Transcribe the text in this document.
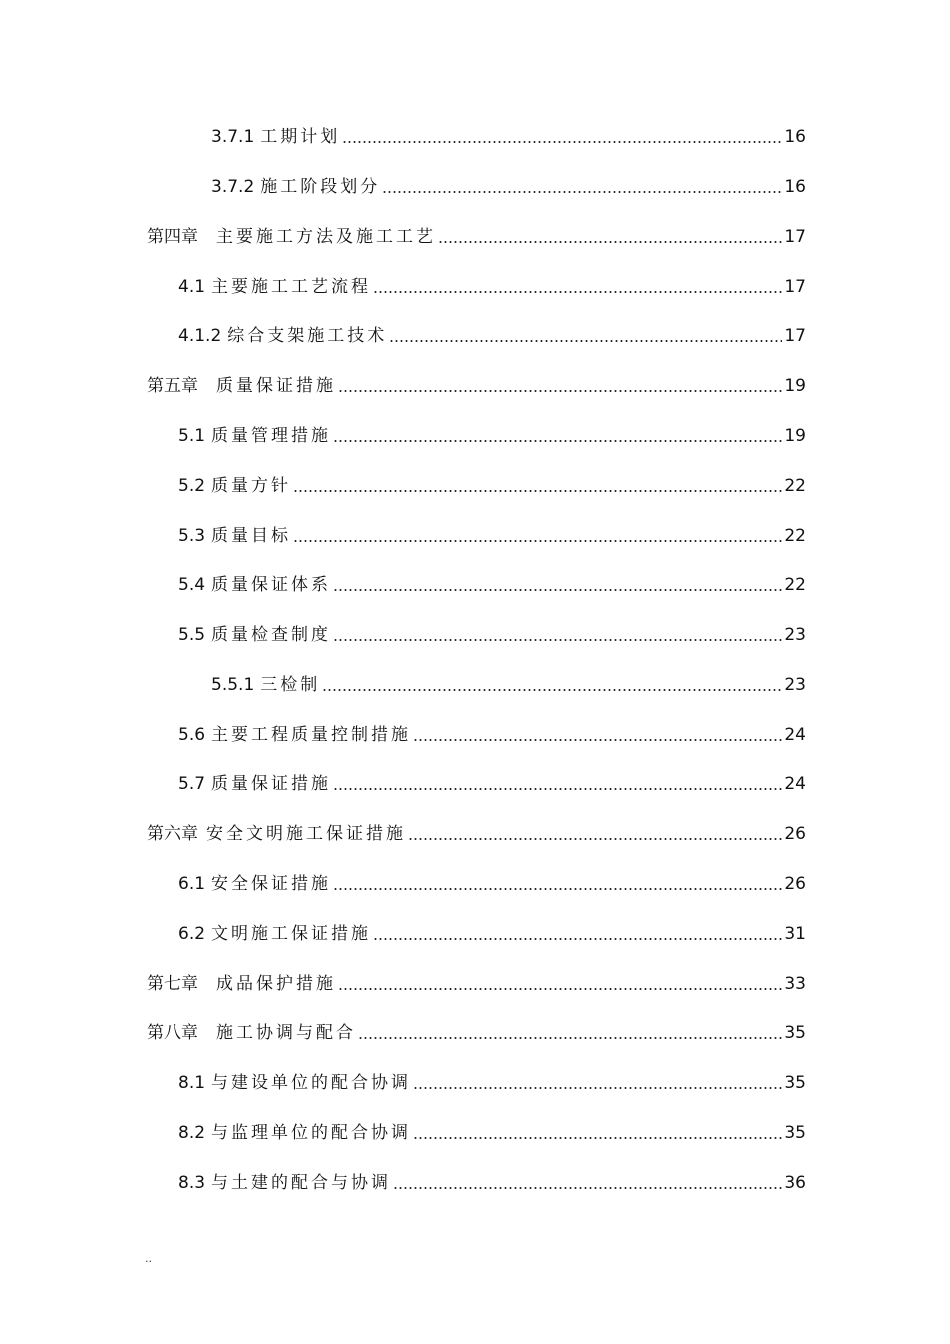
3.7.1 工期计划	16
3.7.2 施工阶段划分	16
第四章 主要施工方法及施工工艺	17
4.1 主要施工工艺流程	17
4.1.2 综合支架施工技术	17
第五章 质量保证措施	19
5.1 质量管理措施	19
5.2 质量方针	22
5.3 质量目标	22
5.4 质量保证体系	22
5.5 质量检查制度	23
5.5.1 三检制	23
5.6 主要工程质量控制措施	24
5.7 质量保证措施	24
第六章 安全文明施工保证措施	26
6.1 安全保证措施	26
6.2 文明施工保证措施	31
第七章 成品保护措施	33
第八章 施工协调与配合	35
8.1 与建设单位的配合协调	35
8.2 与监理单位的配合协调	35
8.3 与土建的配合与协调	36
..
